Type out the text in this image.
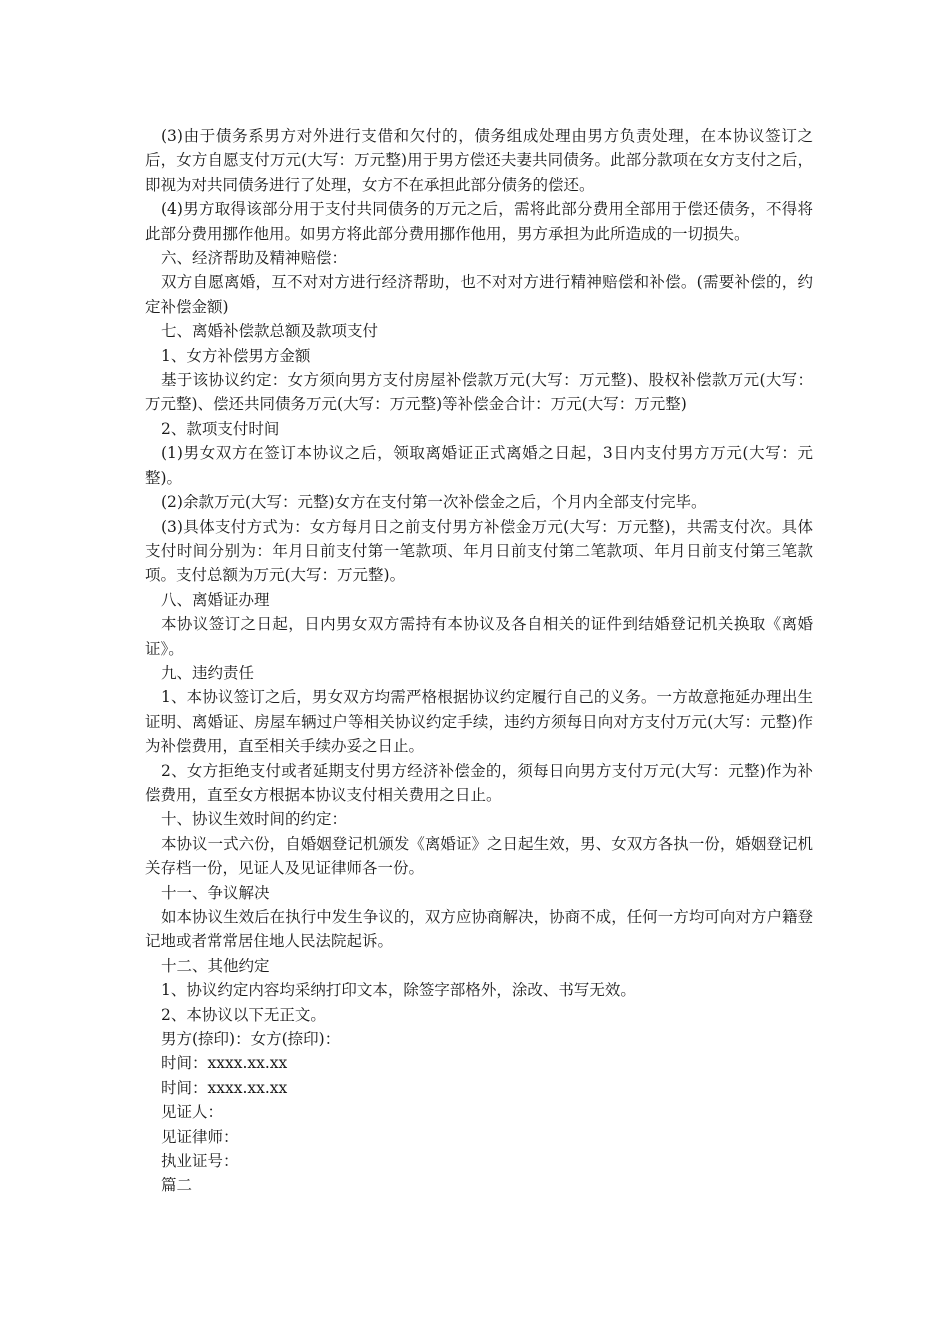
(3)由于债务系男方对外进行支借和欠付的，债务组成处理由男方负责处理，在本协议签订之后，女方自愿支付万元(大写：万元整)用于男方偿还夫妻共同债务。此部分款项在女方支付之后，即视为对共同债务进行了处理，女方不在承担此部分债务的偿还。

(4)男方取得该部分用于支付共同债务的万元之后，需将此部分费用全部用于偿还债务，不得将此部分费用挪作他用。如男方将此部分费用挪作他用，男方承担为此所造成的一切损失。

六、经济帮助及精神赔偿：

双方自愿离婚，互不对对方进行经济帮助，也不对对方进行精神赔偿和补偿。(需要补偿的，约定补偿金额)

七、离婚补偿款总额及款项支付

1、女方补偿男方金额

基于该协议约定：女方须向男方支付房屋补偿款万元(大写：万元整)、股权补偿款万元(大写：万元整)、偿还共同债务万元(大写：万元整)等补偿金合计：万元(大写：万元整)

2、款项支付时间

(1)男女双方在签订本协议之后，领取离婚证正式离婚之日起，3日内支付男方万元(大写：元整)。

(2)余款万元(大写：元整)女方在支付第一次补偿金之后，个月内全部支付完毕。

(3)具体支付方式为：女方每月日之前支付男方补偿金万元(大写：万元整)，共需支付次。具体支付时间分别为：年月日前支付第一笔款项、年月日前支付第二笔款项、年月日前支付第三笔款项。支付总额为万元(大写：万元整)。

八、离婚证办理

本协议签订之日起，日内男女双方需持有本协议及各自相关的证件到结婚登记机关换取《离婚证》。

九、违约责任

1、本协议签订之后，男女双方均需严格根据协议约定履行自己的义务。一方故意拖延办理出生证明、离婚证、房屋车辆过户等相关协议约定手续，违约方须每日向对方支付万元(大写：元整)作为补偿费用，直至相关手续办妥之日止。

2、女方拒绝支付或者延期支付男方经济补偿金的，须每日向男方支付万元(大写：元整)作为补偿费用，直至女方根据本协议支付相关费用之日止。

十、协议生效时间的约定：

本协议一式六份，自婚姻登记机颁发《离婚证》之日起生效，男、女双方各执一份，婚姻登记机关存档一份，见证人及见证律师各一份。

十一、争议解决

如本协议生效后在执行中发生争议的，双方应协商解决，协商不成，任何一方均可向对方户籍登记地或者常常居住地人民法院起诉。

十二、其他约定

1、协议约定内容均采纳打印文本，除签字部格外，涂改、书写无效。

2、本协议以下无正文。

男方(捺印)：女方(捺印)：

时间：xxxx.xx.xx

时间：xxxx.xx.xx

见证人：

见证律师：

执业证号：

篇二
